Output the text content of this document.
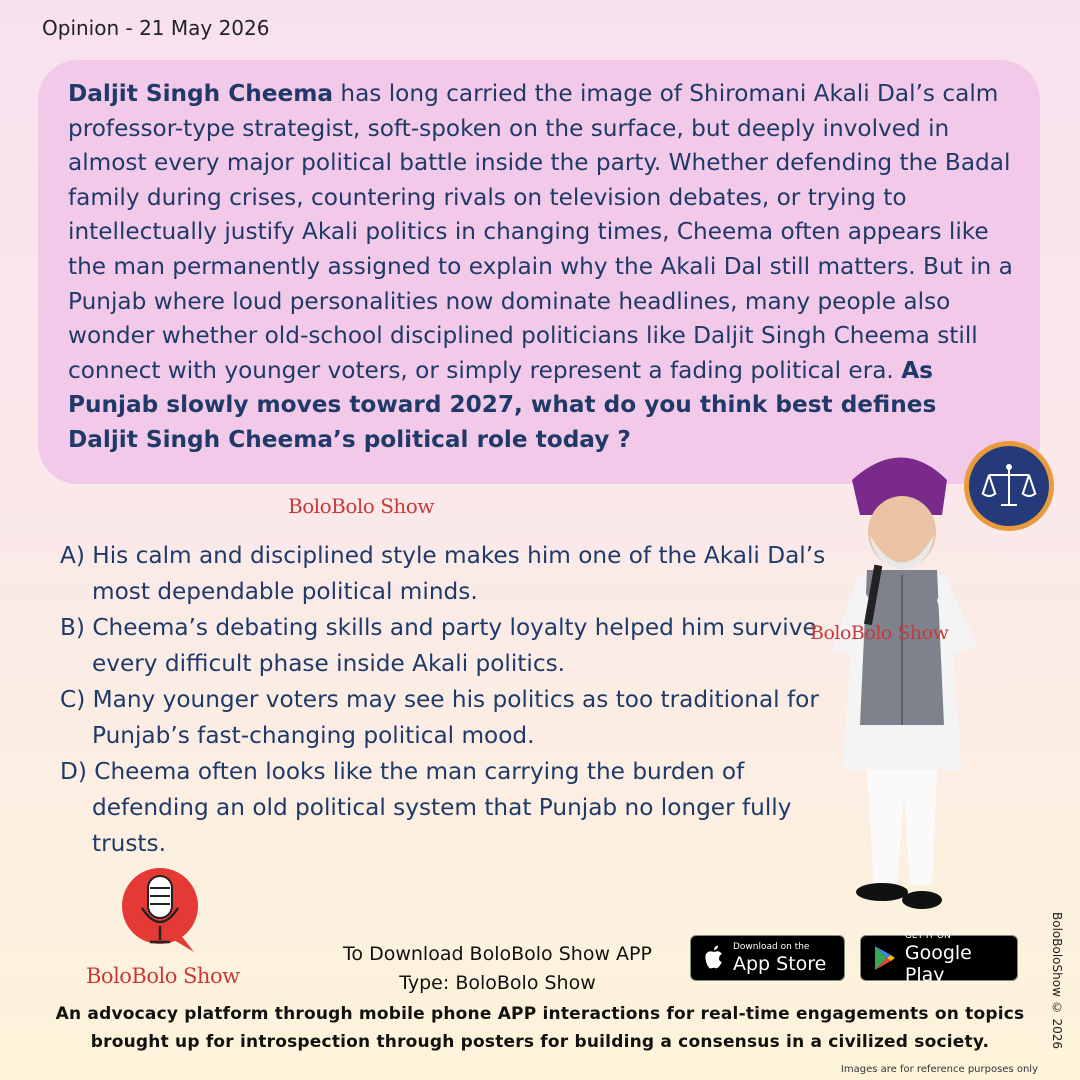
Opinion - 21 May 2026

Daljit Singh Cheema has long carried the image of Shiromani Akali Dal’s calm professor-type strategist, soft-spoken on the surface, but deeply involved in almost every major political battle inside the party. Whether defending the Badal family during crises, countering rivals on television debates, or trying to intellectually justify Akali politics in changing times, Cheema often appears like the man permanently assigned to explain why the Akali Dal still matters. But in a Punjab where loud personalities now dominate headlines, many people also wonder whether old-school disciplined politicians like Daljit Singh Cheema still connect with younger voters, or simply represent a fading political era. As Punjab slowly moves toward 2027, what do you think best defines Daljit Singh Cheema’s political role today ?

BoloBolo Show

A) His calm and disciplined style makes him one of the Akali Dal’s most dependable political minds.

B) Cheema’s debating skills and party loyalty helped him survive every difficult phase inside Akali politics.

C) Many younger voters may see his politics as too traditional for Punjab’s fast-changing political mood.

D) Cheema often looks like the man carrying the burden of defending an old political system that Punjab no longer fully trusts.

BoloBolo Show
BoloBolo Show
To Download BoloBolo Show APP
Type: BoloBolo Show
Download on the
App Store
GET IT ON
Google Play
An advocacy platform through mobile phone APP interactions for real-time engagements on topics brought up for introspection through posters for building a consensus in a civilized society.
Images are for reference purposes only
BoloBoloShow © 2026
